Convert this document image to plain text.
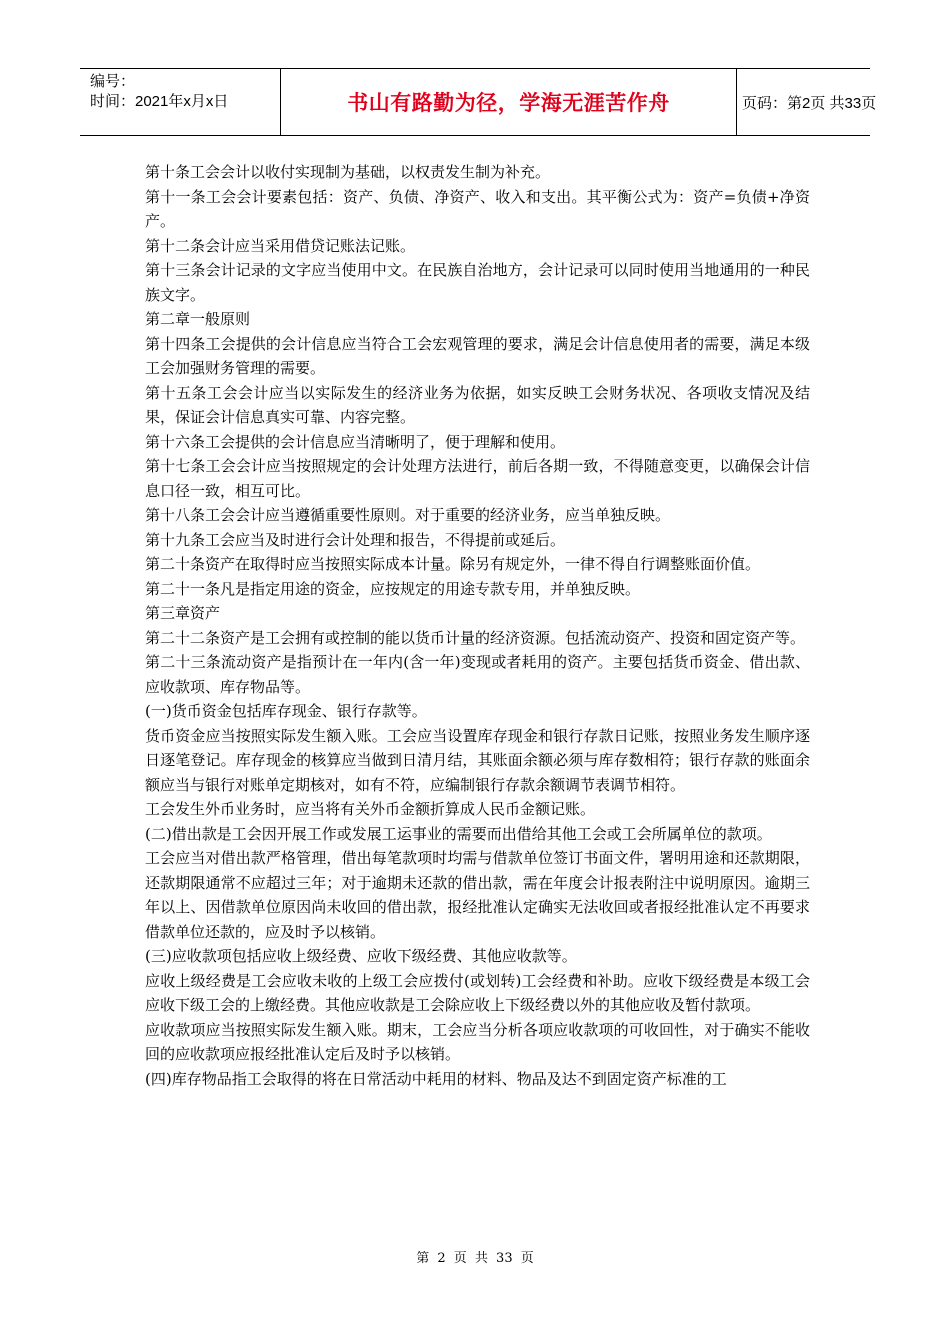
编号：
时间：2021年x月x日	书山有路勤为径，学海无涯苦作舟	页码：第2页 共33页

第十条工会会计以收付实现制为基础，以权责发生制为补充。

第十一条工会会计要素包括：资产、负债、净资产、收入和支出。其平衡公式为：资产=负债+净资产。

第十二条会计应当采用借贷记账法记账。

第十三条会计记录的文字应当使用中文。在民族自治地方，会计记录可以同时使用当地通用的一种民族文字。

第二章一般原则

第十四条工会提供的会计信息应当符合工会宏观管理的要求，满足会计信息使用者的需要，满足本级工会加强财务管理的需要。

第十五条工会会计应当以实际发生的经济业务为依据，如实反映工会财务状况、各项收支情况及结果，保证会计信息真实可靠、内容完整。

第十六条工会提供的会计信息应当清晰明了，便于理解和使用。

第十七条工会会计应当按照规定的会计处理方法进行，前后各期一致，不得随意变更，以确保会计信息口径一致，相互可比。

第十八条工会会计应当遵循重要性原则。对于重要的经济业务，应当单独反映。

第十九条工会应当及时进行会计处理和报告，不得提前或延后。

第二十条资产在取得时应当按照实际成本计量。除另有规定外，一律不得自行调整账面价值。

第二十一条凡是指定用途的资金，应按规定的用途专款专用，并单独反映。

第三章资产

第二十二条资产是工会拥有或控制的能以货币计量的经济资源。包括流动资产、投资和固定资产等。

第二十三条流动资产是指预计在一年内(含一年)变现或者耗用的资产。主要包括货币资金、借出款、应收款项、库存物品等。

(一)货币资金包括库存现金、银行存款等。

货币资金应当按照实际发生额入账。工会应当设置库存现金和银行存款日记账，按照业务发生顺序逐日逐笔登记。库存现金的核算应当做到日清月结，其账面余额必须与库存数相符；银行存款的账面余额应当与银行对账单定期核对，如有不符，应编制银行存款余额调节表调节相符。

工会发生外币业务时，应当将有关外币金额折算成人民币金额记账。

(二)借出款是工会因开展工作或发展工运事业的需要而出借给其他工会或工会所属单位的款项。

工会应当对借出款严格管理，借出每笔款项时均需与借款单位签订书面文件，署明用途和还款期限，还款期限通常不应超过三年；对于逾期未还款的借出款，需在年度会计报表附注中说明原因。逾期三年以上、因借款单位原因尚未收回的借出款，报经批准认定确实无法收回或者报经批准认定不再要求借款单位还款的，应及时予以核销。

(三)应收款项包括应收上级经费、应收下级经费、其他应收款等。

应收上级经费是工会应收未收的上级工会应拨付(或划转)工会经费和补助。应收下级经费是本级工会应收下级工会的上缴经费。其他应收款是工会除应收上下级经费以外的其他应收及暂付款项。

应收款项应当按照实际发生额入账。期末，工会应当分析各项应收款项的可收回性，对于确实不能收回的应收款项应报经批准认定后及时予以核销。

(四)库存物品指工会取得的将在日常活动中耗用的材料、物品及达不到固定资产标准的工

第 2 页 共 33 页
